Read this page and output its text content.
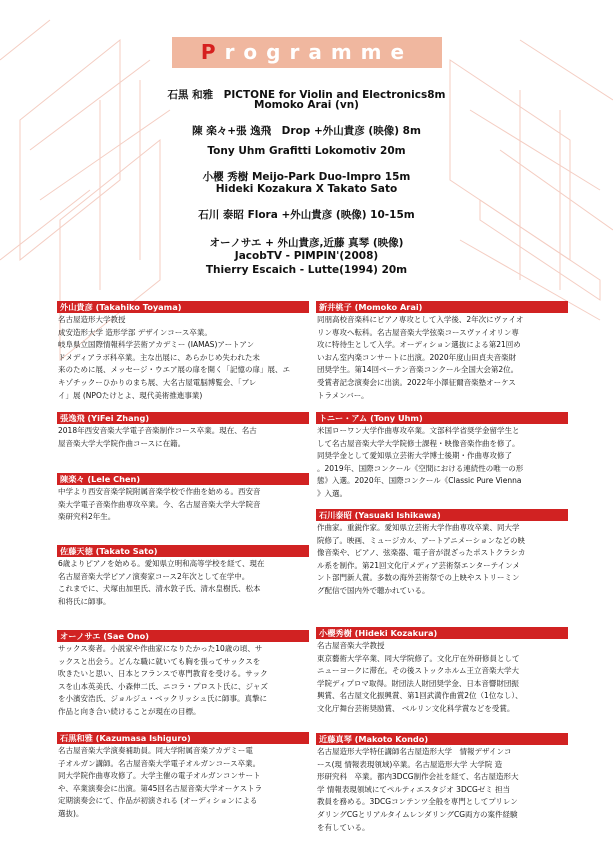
Programme
石黒 和雅　PICTONE for Violin and Electronics8m
Momoko Arai (vn)
陳 楽々+張 逸飛　Drop +外山貴彦 (映像) 8m
Tony Uhm Grafitti Lokomotiv 20m
小櫻 秀樹 Meijo-Park Duo-Impro 15m
Hideki Kozakura X Takato Sato
石川 泰昭 Flora +外山貴彦 (映像) 10-15m
オーノサエ + 外山貴彦,近藤 真琴 (映像)
JacobTV - PIMPIN'(2008)
Thierry Escaich - Lutte(1994) 20m
外山貴彦 (Takahiko Toyama)
名古屋造形大学教授
成安造形大学 造形学部 デザインコース卒業。
岐阜県立国際情報科学芸術アカデミー (IAMAS)アートアン
ドメディアラボ科卒業。主な出展に、あらかじめ失われた未
来のために展、メッセージ・ウエア展の扉を開く「記憶の扉」展、エ
キゾチックーひかりのまち展、大名古屋電脳博覧会、「ブレ
イ」展 (NPOたけとよ、現代美術推進事業)
張逸飛 (YiFei Zhang)
2018年西安音楽大学電子音楽制作コース卒業。現在、名古
屋音楽大学大学院作曲コースに在籍。
陳楽々 (Lele Chen)
中学より西安音楽学院附属音楽学校で作曲を始める。西安音
楽大学電子音楽作曲専攻卒業。今、名古屋音楽大学大学院音
楽研究科2年生。
佐藤天徳 (Takato Sato)
6歳よりピアノを始める。愛知県立明和高等学校を経て、現在
名古屋音楽大学ピアノ演奏家コース2年次として在学中。
これまでに、犬塚由加里氏、清水敦子氏、清水皇樹氏、松本
和将氏に師事。
オーノサエ (Sae Ono)
サックス奏者。小説家や作曲家になりたかった10歳の頃、サ
ックスと出会う。どんな職に就いても胸を張ってサックスを
吹きたいと思い、日本とフランスで専門教育を受ける。サック
スを山本英美氏、小森伸二氏、ニコラ・プロスト氏に、ジャズ
を小濱安浩氏、ジョルジュ・ベックリッシュ氏に師事。真摯に
作品と向き合い続けることが現在の目標。
石黒和雅 (Kazumasa Ishiguro)
名古屋音楽大学演奏補助員。同大学附属音楽アカデミー電
子オルガン講師。名古屋音楽大学電子オルガンコース卒業。
同大学院作曲専攻修了。大学主催の電子オルガンコンサート
や、卒業演奏会に出演。第45回名古屋音楽大学オーケストラ
定期演奏会にて、作品が初演される (オーディションによる
選抜)。
新井桃子 (Momoko Arai)
同朋高校音楽科にピアノ専攻として入学後、2年次にヴァイオ
リン専攻へ転科。名古屋音楽大学弦楽コースヴァイオリン専
攻に特待生として入学。オーディション選抜による第21回め
いおん室内楽コンサートに出演。2020年度山田貞夫音楽財
団奨学生。第14回ベーテン音楽コンクール全国大会第2位。
受賞者記念演奏会に出演。2022年小澤征爾音楽塾オーケス
トラメンバー。
トニー・アム (Tony Uhm)
米国ローワン大学作曲専攻卒業。文部科学省奨学金留学生と
して名古屋音楽大学大学院修士課程・映像音楽作曲を修了。
同奨学金として愛知県立芸術大学博士後期・作曲専攻修了
。2019年、国際コンクール《空間における連続性の唯一の形
態》入選。2020年、国際コンクール《Classic Pure Vienna
》入選。
石川泰昭 (Yasuaki Ishikawa)
作曲家。重鋭作家。愛知県立芸術大学作曲専攻卒業、同大学
院修了。映画、ミュージカル、アートアニメーションなどの映
像音楽や、ピアノ、弦楽器、電子音が混ざったポストクラシカ
ル系を制作。第21回文化庁メディア芸術祭エンターテインメ
ント部門新人賞。多数の海外芸術祭での上映やストリーミン
グ配信で国内外で聴かれている。
小櫻秀樹 (Hideki Kozakura)
名古屋音楽大学教授
東京藝術大学卒業、同大学院修了。文化庁在外研修員として
ニューヨークに滞在。その後ストックホルム王立音楽大学大
学院ディプロマ取得。財団法人財団奨学金、日本音響財団振
興賞、名古屋文化振興賞、第1回武満作曲賞2位（1位なし）、
文化庁舞台芸術奨励賞、 ベルリン文化科学賞などを受賞。
近藤真琴 (Makoto Kondo)
名古屋造形大学特任講師名古屋造形大学　情報デザインコ
ース(現 情報表現領域)卒業。名古屋造形大学 大学院 造
形研究科　卒業。都内3DCG制作会社を経て、名古屋造形大
学 情報表現領域にてペルティエスタジオ 3DCGゼミ 担当
教員を務める。3DCGコンテンツ全般を専門としてプリレン
ダリングCGとリアルタイムレンダリングCG両方の案件経験
を有している。
